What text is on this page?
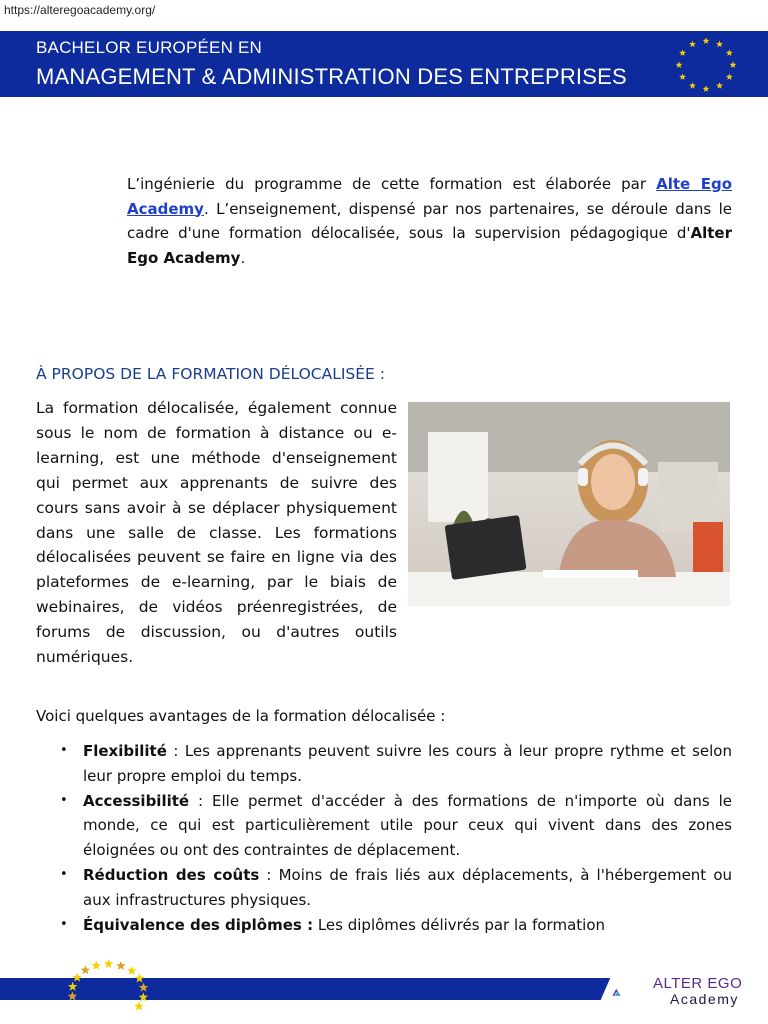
https://alteregoacademy.org/
BACHELOR EUROPÉEN EN
MANAGEMENT & ADMINISTRATION DES ENTREPRISES
L’ingénierie du programme de cette formation est élaborée par Alte Ego Academy. L’enseignement, dispensé par nos partenaires, se déroule dans le cadre d'une formation délocalisée, sous la supervision pédagogique d'Alter Ego Academy.
À PROPOS DE LA FORMATION DÉLOCALISÉE :
La formation délocalisée, également connue sous le nom de formation à distance ou e-learning, est une méthode d'enseignement qui permet aux apprenants de suivre des cours sans avoir à se déplacer physiquement dans une salle de classe. Les formations délocalisées peuvent se faire en ligne via des plateformes de e-learning, par le biais de webinaires, de vidéos préenregistrées, de forums de discussion, ou d'autres outils numériques.
Voici quelques avantages de la formation délocalisée :
• Flexibilité : Les apprenants peuvent suivre les cours à leur propre rythme et selon leur propre emploi du temps.
• Accessibilité : Elle permet d'accéder à des formations de n'importe où dans le monde, ce qui est particulièrement utile pour ceux qui vivent dans des zones éloignées ou ont des contraintes de déplacement.
• Réduction des coûts : Moins de frais liés aux déplacements, à l'hébergement ou aux infrastructures physiques.
• Équivalence des diplômes : Les diplômes délivrés par la formation
ALTER EGO
Academy
